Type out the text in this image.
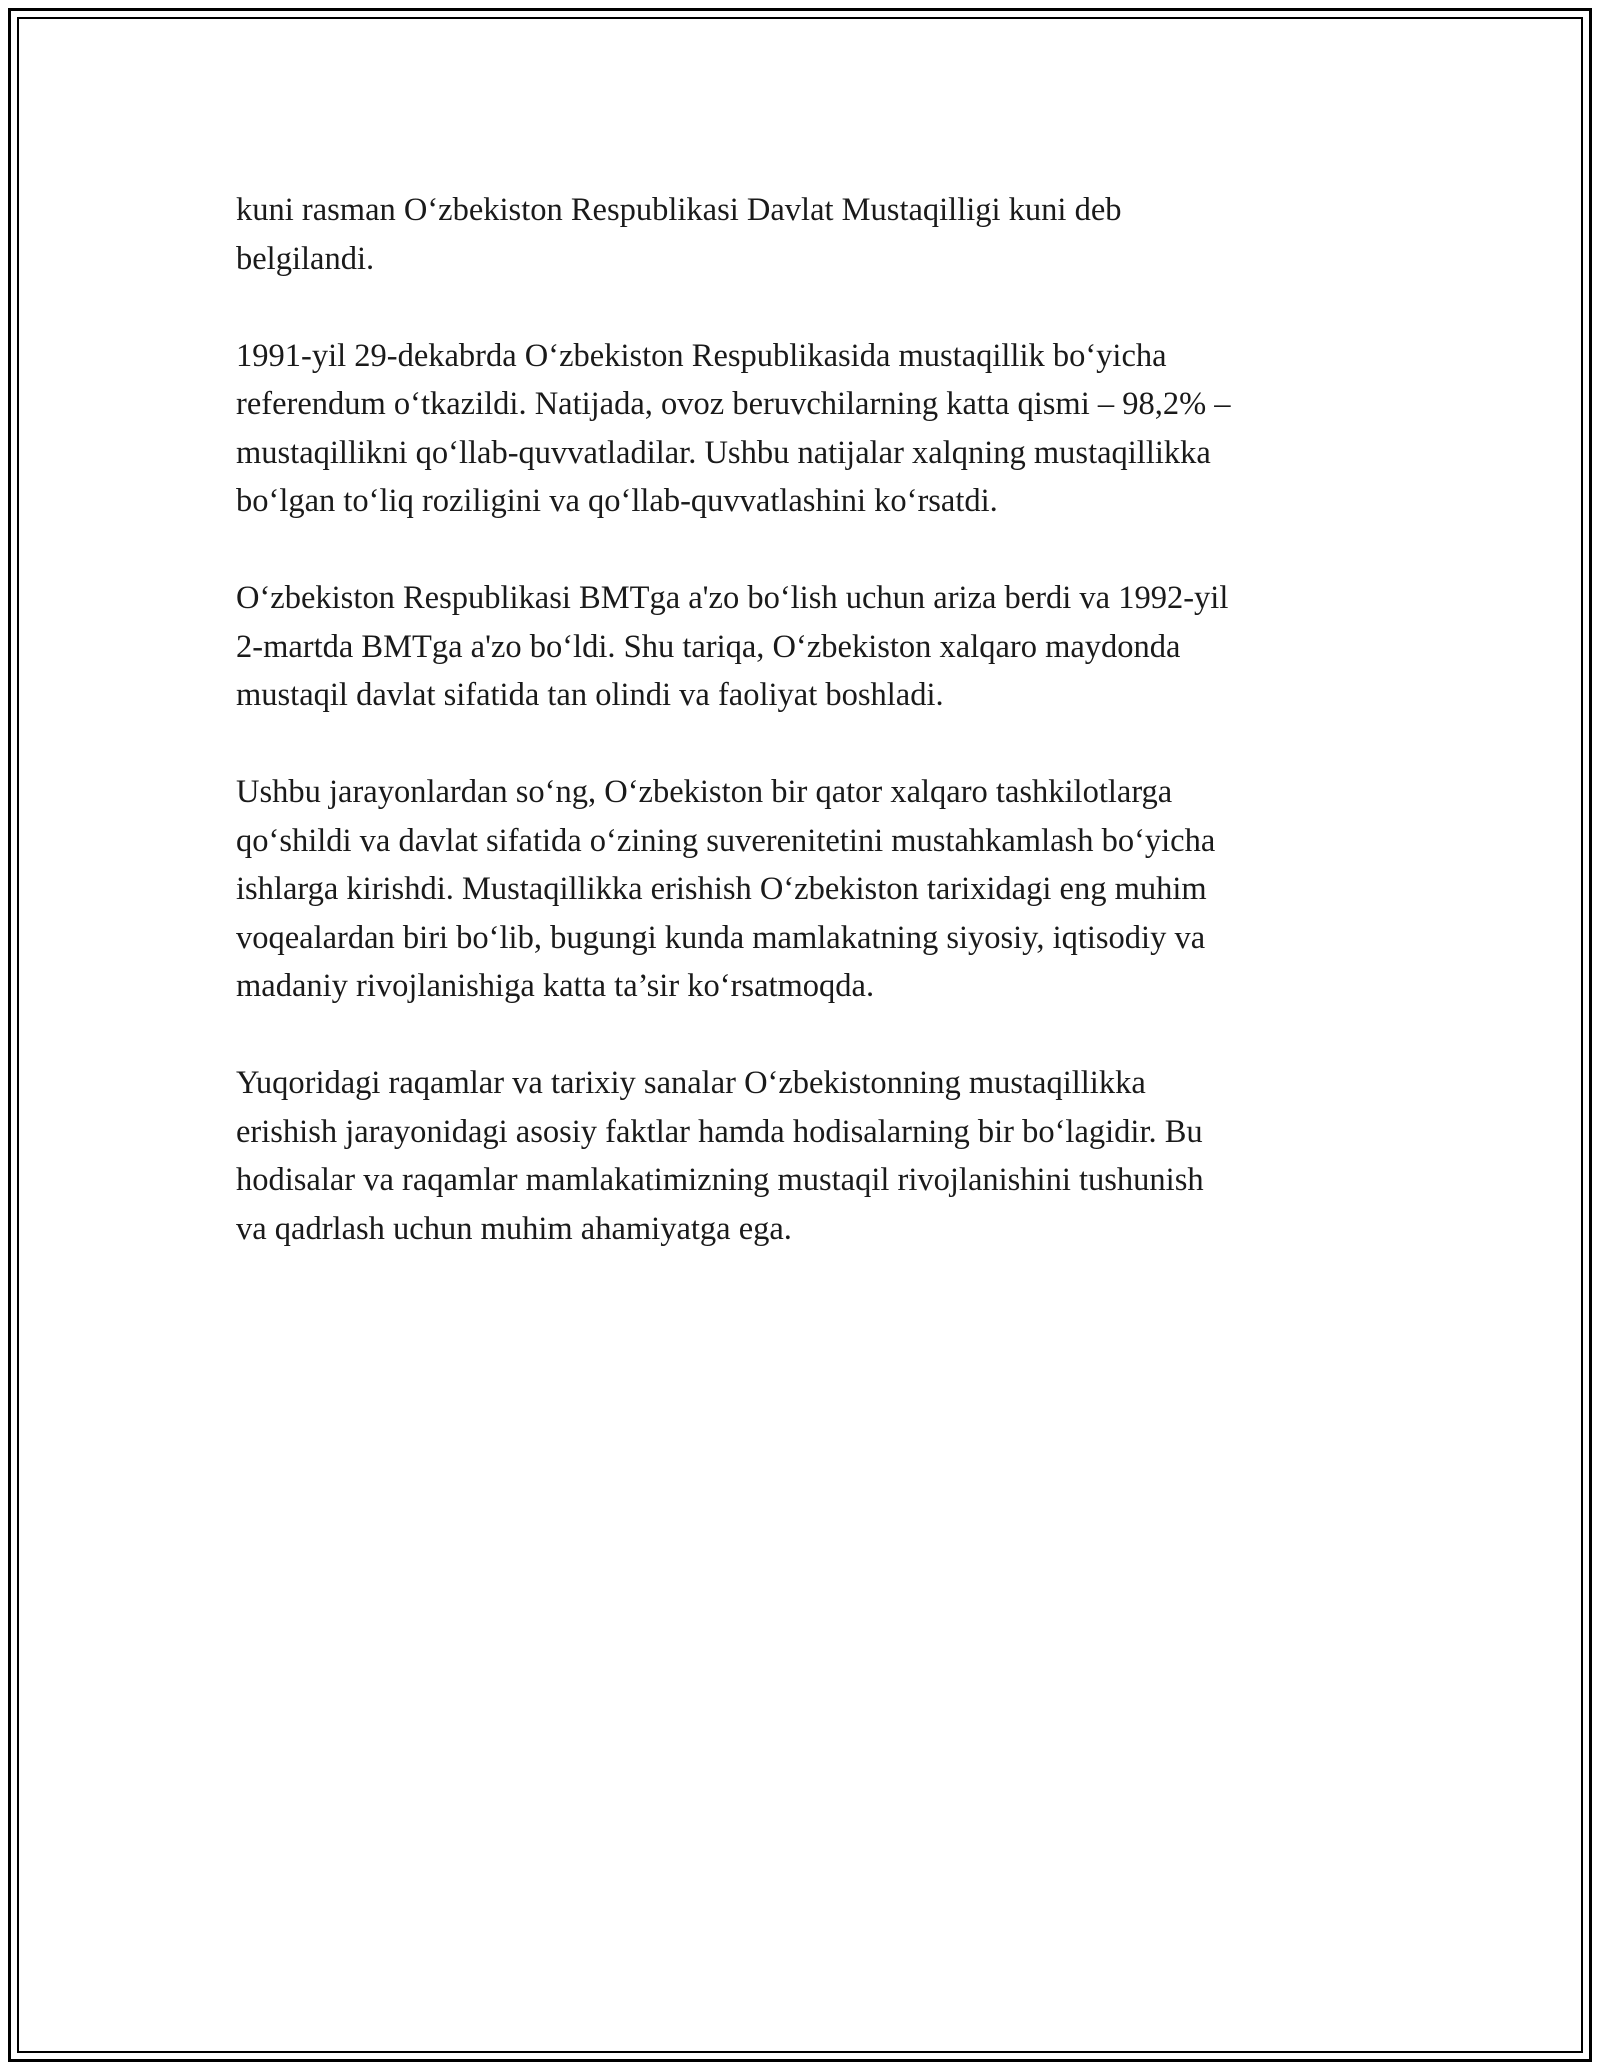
kuni rasman O‘zbekiston Respublikasi Davlat Mustaqilligi kuni deb
belgilandi.

1991-yil 29-dekabrda O‘zbekiston Respublikasida mustaqillik bo‘yicha
referendum o‘tkazildi. Natijada, ovoz beruvchilarning katta qismi – 98,2% –
mustaqillikni qo‘llab-quvvatladilar. Ushbu natijalar xalqning mustaqillikka
bo‘lgan to‘liq roziligini va qo‘llab-quvvatlashini ko‘rsatdi.

O‘zbekiston Respublikasi BMTga a'zo bo‘lish uchun ariza berdi va 1992-yil
2-martda BMTga a'zo bo‘ldi. Shu tariqa, O‘zbekiston xalqaro maydonda
mustaqil davlat sifatida tan olindi va faoliyat boshladi.

Ushbu jarayonlardan so‘ng, O‘zbekiston bir qator xalqaro tashkilotlarga
qo‘shildi va davlat sifatida o‘zining suverenitetini mustahkamlash bo‘yicha
ishlarga kirishdi. Mustaqillikka erishish O‘zbekiston tarixidagi eng muhim
voqealardan biri bo‘lib, bugungi kunda mamlakatning siyosiy, iqtisodiy va
madaniy rivojlanishiga katta ta’sir ko‘rsatmoqda.

Yuqoridagi raqamlar va tarixiy sanalar O‘zbekistonning mustaqillikka
erishish jarayonidagi asosiy faktlar hamda hodisalarning bir bo‘lagidir. Bu
hodisalar va raqamlar mamlakatimizning mustaqil rivojlanishini tushunish
va qadrlash uchun muhim ahamiyatga ega.
